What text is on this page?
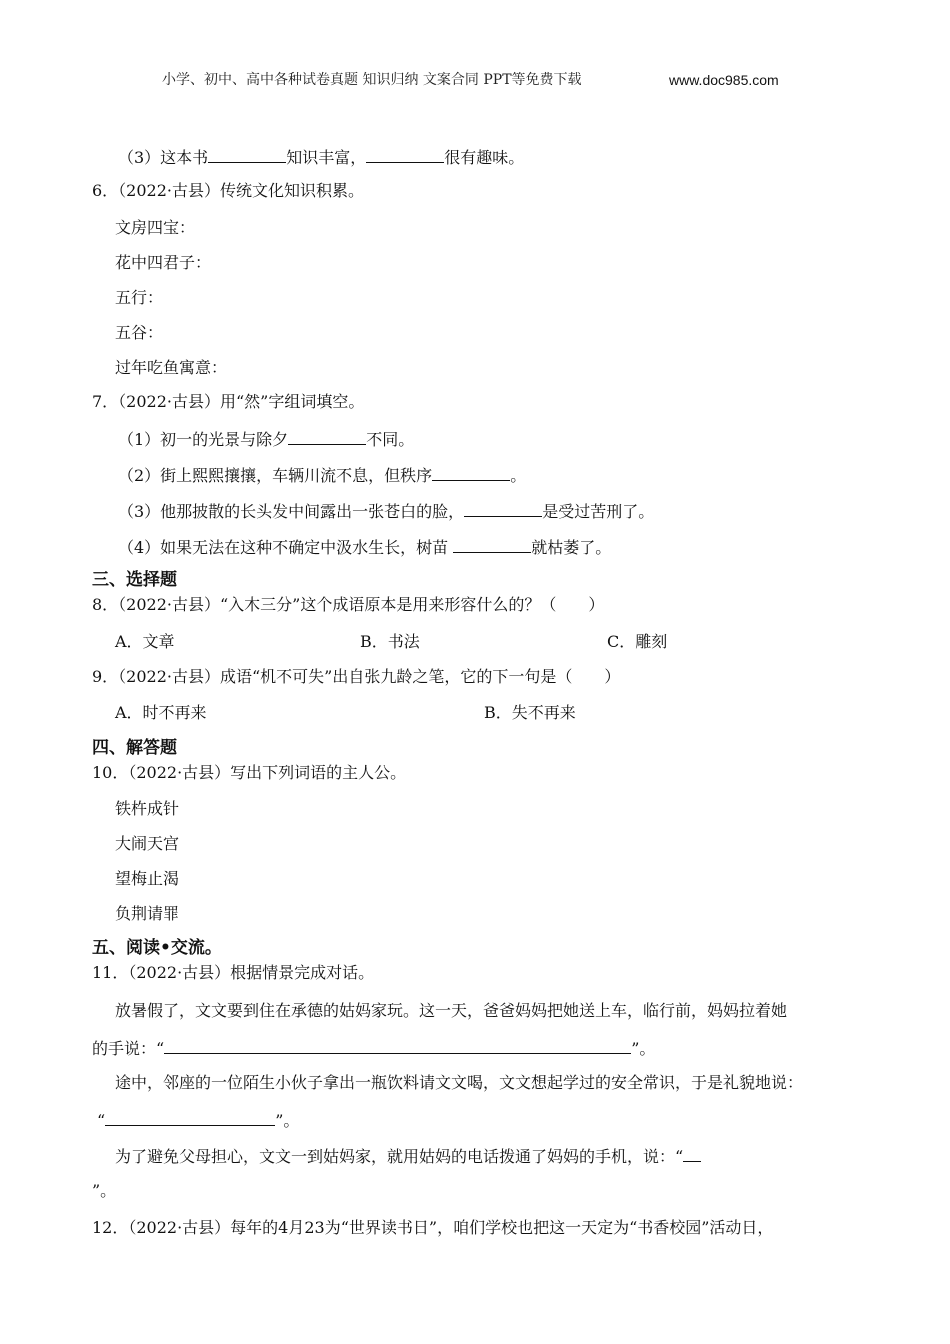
小学、初中、高中各种试卷真题 知识归纳 文案合同 PPT等免费下载	www.doc985.com
（3）这本书	知识丰富，	很有趣味。
6．（2022·古县）传统文化知识积累。
文房四宝：
花中四君子：
五行：
五谷：
过年吃鱼寓意：
7．（2022·古县）用“然”字组词填空。
（1）初一的光景与除夕	不同。
（2）街上熙熙攘攘，车辆川流不息，但秩序	。
（3）他那披散的长头发中间露出一张苍白的脸，	是受过苦刑了。
（4）如果无法在这种不确定中汲水生长，树苗	就枯萎了。
三、选择题
8．（2022·古县）“入木三分”这个成语原本是用来形容什么的？（　　）
A．文章	B．书法	C．雕刻
9．（2022·古县）成语“机不可失”出自张九龄之笔，它的下一句是（　　）
A．时不再来	B．失不再来
四、解答题
10．（2022·古县）写出下列词语的主人公。
铁杵成针
大闹天宫
望梅止渴
负荆请罪
五、阅读•交流。
11．（2022·古县）根据情景完成对话。
放暑假了，文文要到住在承德的姑妈家玩。这一天，爸爸妈妈把她送上车，临行前，妈妈拉着她
的手说：“	”。
途中，邻座的一位陌生小伙子拿出一瓶饮料请文文喝，文文想起学过的安全常识，于是礼貌地说：
“	”。
为了避免父母担心，文文一到姑妈家，就用姑妈的电话拨通了妈妈的手机，说：“
”。
12．（2022·古县）每年的4月23为“世界读书日”，咱们学校也把这一天定为“书香校园”活动日，
